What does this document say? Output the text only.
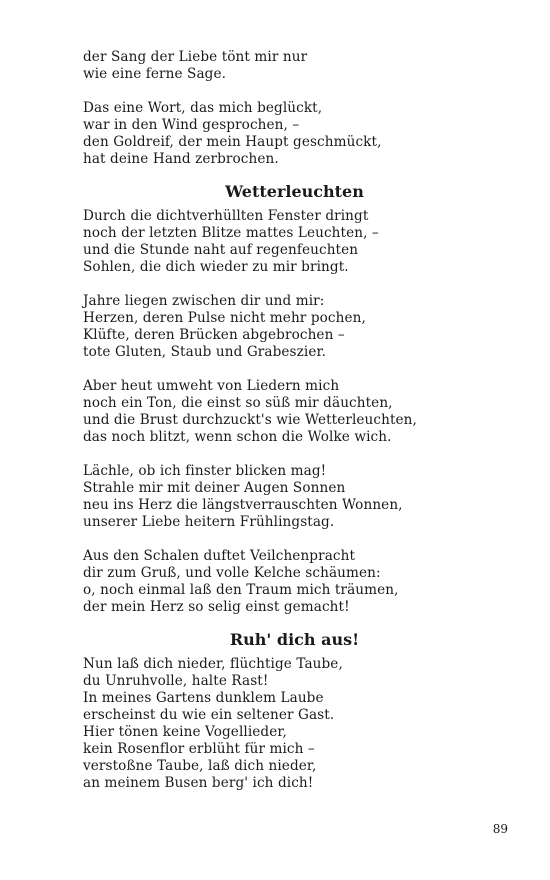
der Sang der Liebe tönt mir nur
wie eine ferne Sage.
Das eine Wort, das mich beglückt,
war in den Wind gesprochen, –
den Goldreif, der mein Haupt geschmückt,
hat deine Hand zerbrochen.
Wetterleuchten
Durch die dichtverhüllten Fenster dringt
noch der letzten Blitze mattes Leuchten, –
und die Stunde naht auf regenfeuchten
Sohlen, die dich wieder zu mir bringt.
Jahre liegen zwischen dir und mir:
Herzen, deren Pulse nicht mehr pochen,
Klüfte, deren Brücken abgebrochen –
tote Gluten, Staub und Grabeszier.
Aber heut umweht von Liedern mich
noch ein Ton, die einst so süß mir däuchten,
und die Brust durchzuckt's wie Wetterleuchten,
das noch blitzt, wenn schon die Wolke wich.
Lächle, ob ich finster blicken mag!
Strahle mir mit deiner Augen Sonnen
neu ins Herz die längstverrauschten Wonnen,
unserer Liebe heitern Frühlingstag.
Aus den Schalen duftet Veilchenpracht
dir zum Gruß, und volle Kelche schäumen:
o, noch einmal laß den Traum mich träumen,
der mein Herz so selig einst gemacht!
Ruh' dich aus!
Nun laß dich nieder, flüchtige Taube,
du Unruhvolle, halte Rast!
In meines Gartens dunklem Laube
erscheinst du wie ein seltener Gast.
Hier tönen keine Vogellieder,
kein Rosenflor erblüht für mich –
verstoßne Taube, laß dich nieder,
an meinem Busen berg' ich dich!
89
